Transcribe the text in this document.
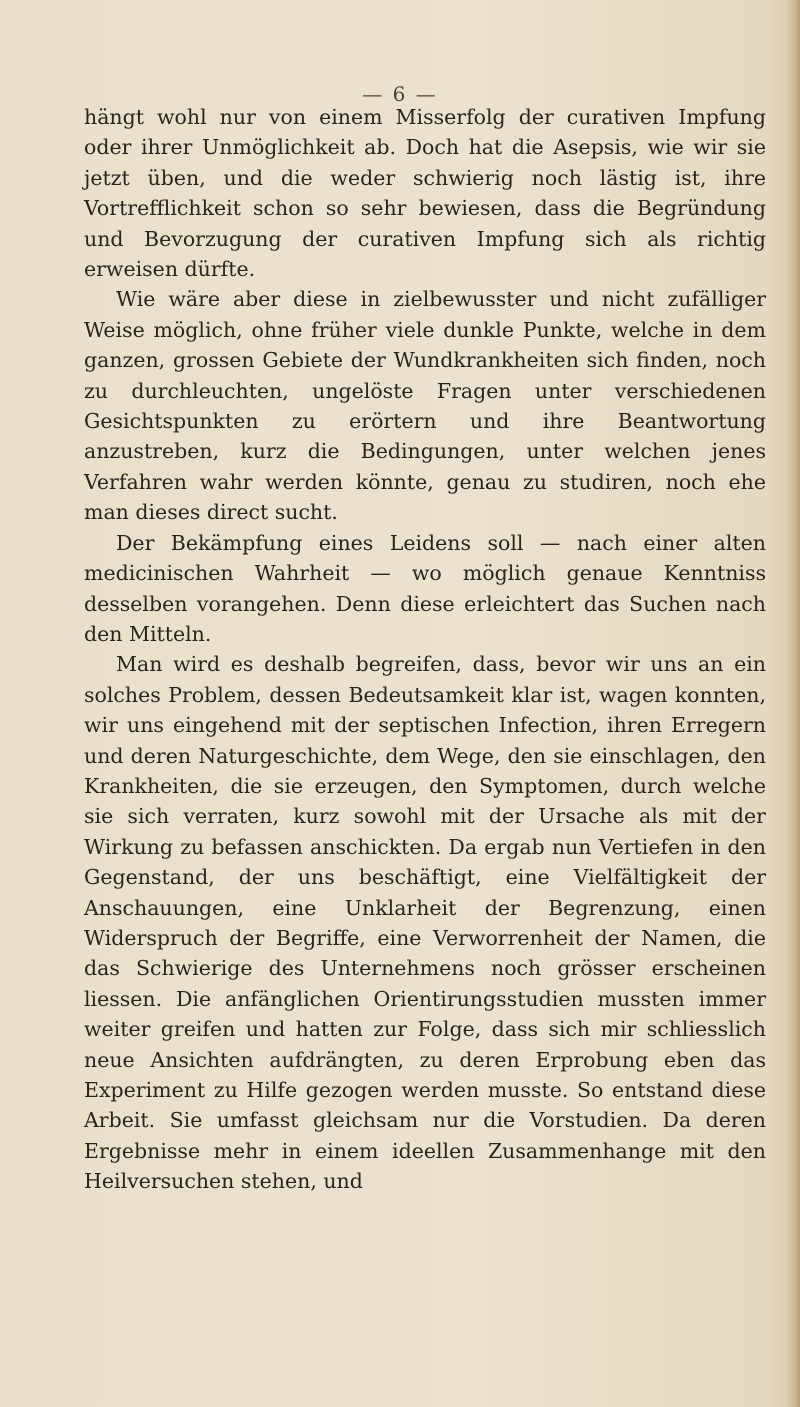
— 6 —

hängt wohl nur von einem Misserfolg der curativen Impfung oder ihrer Unmöglichkeit ab. Doch hat die Asepsis, wie wir sie jetzt üben, und die weder schwierig noch lästig ist, ihre Vortrefflichkeit schon so sehr bewiesen, dass die Begründung und Bevorzugung der curativen Impfung sich als richtig erweisen dürfte.

Wie wäre aber diese in zielbewusster und nicht zufälliger Weise möglich, ohne früher viele dunkle Punkte, welche in dem ganzen, grossen Gebiete der Wundkrankheiten sich finden, noch zu durchleuchten, ungelöste Fragen unter verschiedenen Gesichtspunkten zu erörtern und ihre Beantwortung anzustreben, kurz die Bedingungen, unter welchen jenes Verfahren wahr werden könnte, genau zu studiren, noch ehe man dieses direct sucht.

Der Bekämpfung eines Leidens soll — nach einer alten medicinischen Wahrheit — wo möglich genaue Kenntniss desselben vorangehen. Denn diese erleichtert das Suchen nach den Mitteln.

Man wird es deshalb begreifen, dass, bevor wir uns an ein solches Problem, dessen Bedeutsamkeit klar ist, wagen konnten, wir uns eingehend mit der septischen Infection, ihren Erregern und deren Naturgeschichte, dem Wege, den sie einschlagen, den Krankheiten, die sie erzeugen, den Symptomen, durch welche sie sich verraten, kurz sowohl mit der Ursache als mit der Wirkung zu befassen anschickten. Da ergab nun Vertiefen in den Gegenstand, der uns beschäftigt, eine Vielfältigkeit der Anschauungen, eine Unklarheit der Begrenzung, einen Widerspruch der Begriffe, eine Verworrenheit der Namen, die das Schwierige des Unternehmens noch grösser erscheinen liessen. Die anfänglichen Orientirungsstudien mussten immer weiter greifen und hatten zur Folge, dass sich mir schliesslich neue Ansichten aufdrängten, zu deren Erprobung eben das Experiment zu Hilfe gezogen werden musste. So entstand diese Arbeit. Sie umfasst gleichsam nur die Vorstudien. Da deren Ergebnisse mehr in einem ideellen Zusammenhange mit den Heilversuchen stehen, und
